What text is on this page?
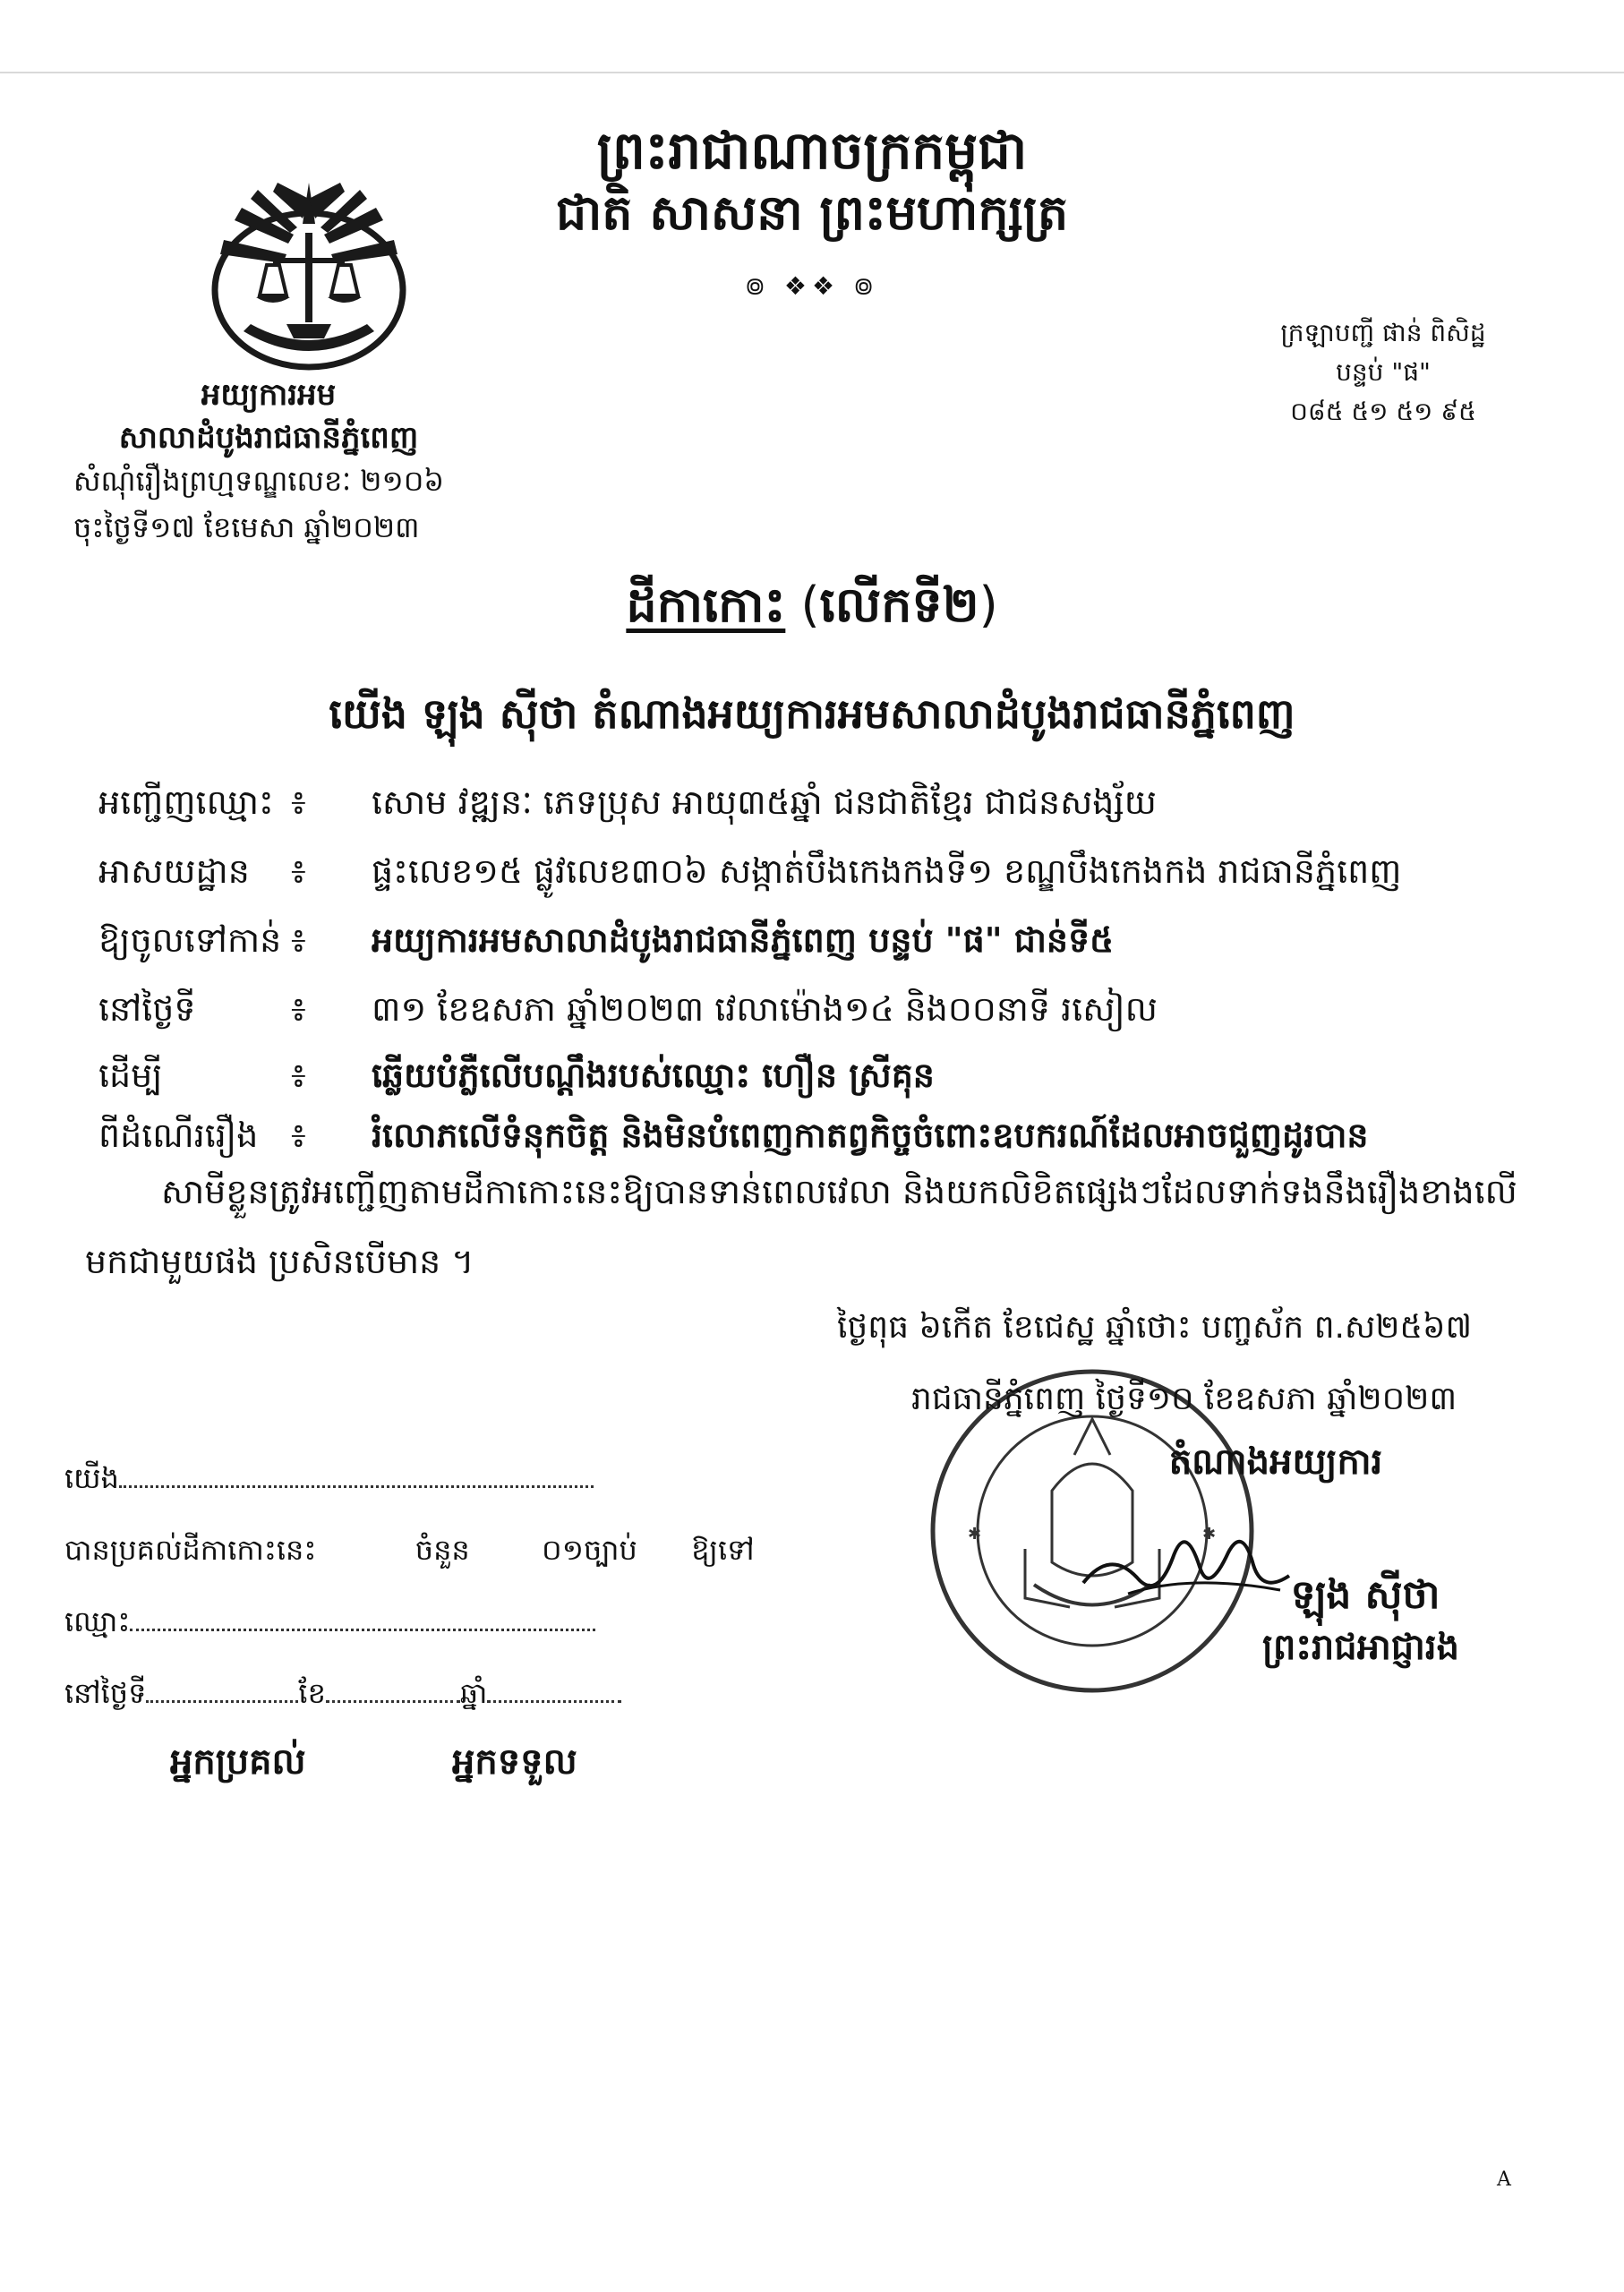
ព្រះរាជាណាចក្រកម្ពុជា
ជាតិ សាសនា ព្រះមហាក្សត្រ
៙ ❖❖ ៙
អយ្យការអម
សាលាដំបូងរាជធានីភ្នំពេញ
សំណុំរឿងព្រហ្មទណ្ឌលេខៈ ២១០៦
ចុះថ្ងៃទី១៧ ខែមេសា ឆ្នាំ២០២៣
ក្រឡាបញ្ជី ផាន់ ពិសិដ្ឋ
បន្ទប់ "ផ"
០៨៥ ៥១ ៥១ ៩៥
ដីកាកោះ (លើកទី២)
យើង ឡុង ស៊ីថា តំណាងអយ្យការអមសាលាដំបូងរាជធានីភ្នំពេញ
អញ្ជើញឈ្មោះ ៖ សោម វឌ្ឍនៈ ភេទប្រុស អាយុ៣៥ឆ្នាំ ជនជាតិខ្មែរ ជាជនសង្ស័យ
អាសយដ្ឋាន ៖ ផ្ទះលេខ១៥ ផ្លូវលេខ៣០៦ សង្កាត់បឹងកេងកងទី១ ខណ្ឌបឹងកេងកង រាជធានីភ្នំពេញ
ឱ្យចូលទៅកាន់ ៖ អយ្យការអមសាលាដំបូងរាជធានីភ្នំពេញ បន្ទប់ "ផ" ជាន់ទី៥
នៅថ្ងៃទី	៖ ៣១ ខែឧសភា ឆ្នាំ២០២៣ វេលាម៉ោង១៤ និង០០នាទី រសៀល
ដើម្បី	៖ ឆ្លើយបំភ្លឺលើបណ្តឹងរបស់ឈ្មោះ ហឿន ស្រីគុន
ពីដំណើររឿង ៖ រំលោភលើទំនុកចិត្ត និងមិនបំពេញកាតព្វកិច្ចចំពោះឧបករណ៍ដែលអាចជួញដូរបាន
សាមីខ្លួនត្រូវអញ្ជើញតាមដីកាកោះនេះឱ្យបានទាន់ពេលវេលា និងយកលិខិតផ្សេងៗដែលទាក់ទងនឹងរឿងខាងលើ
មកជាមួយផង ប្រសិនបើមាន ។
✱	✱
ថ្ងៃពុធ ៦កើត ខែជេស្ឋ ឆ្នាំថោះ បញ្ចស័ក ព.ស២៥៦៧
រាជធានីភ្នំពេញ ថ្ងៃទី១០ ខែឧសភា ឆ្នាំ២០២៣
តំណាងអយ្យការ
ឡុង ស៊ីថា
ព្រះរាជអាជ្ញារង
យើង
បានប្រគល់ដីកាកោះនេះ	ចំនួន	០១ច្បាប់ ឱ្យទៅ
ឈ្មោះ
នៅថ្ងៃទី	ខែ	ឆ្នាំ
អ្នកប្រគល់	អ្នកទទួល
A
